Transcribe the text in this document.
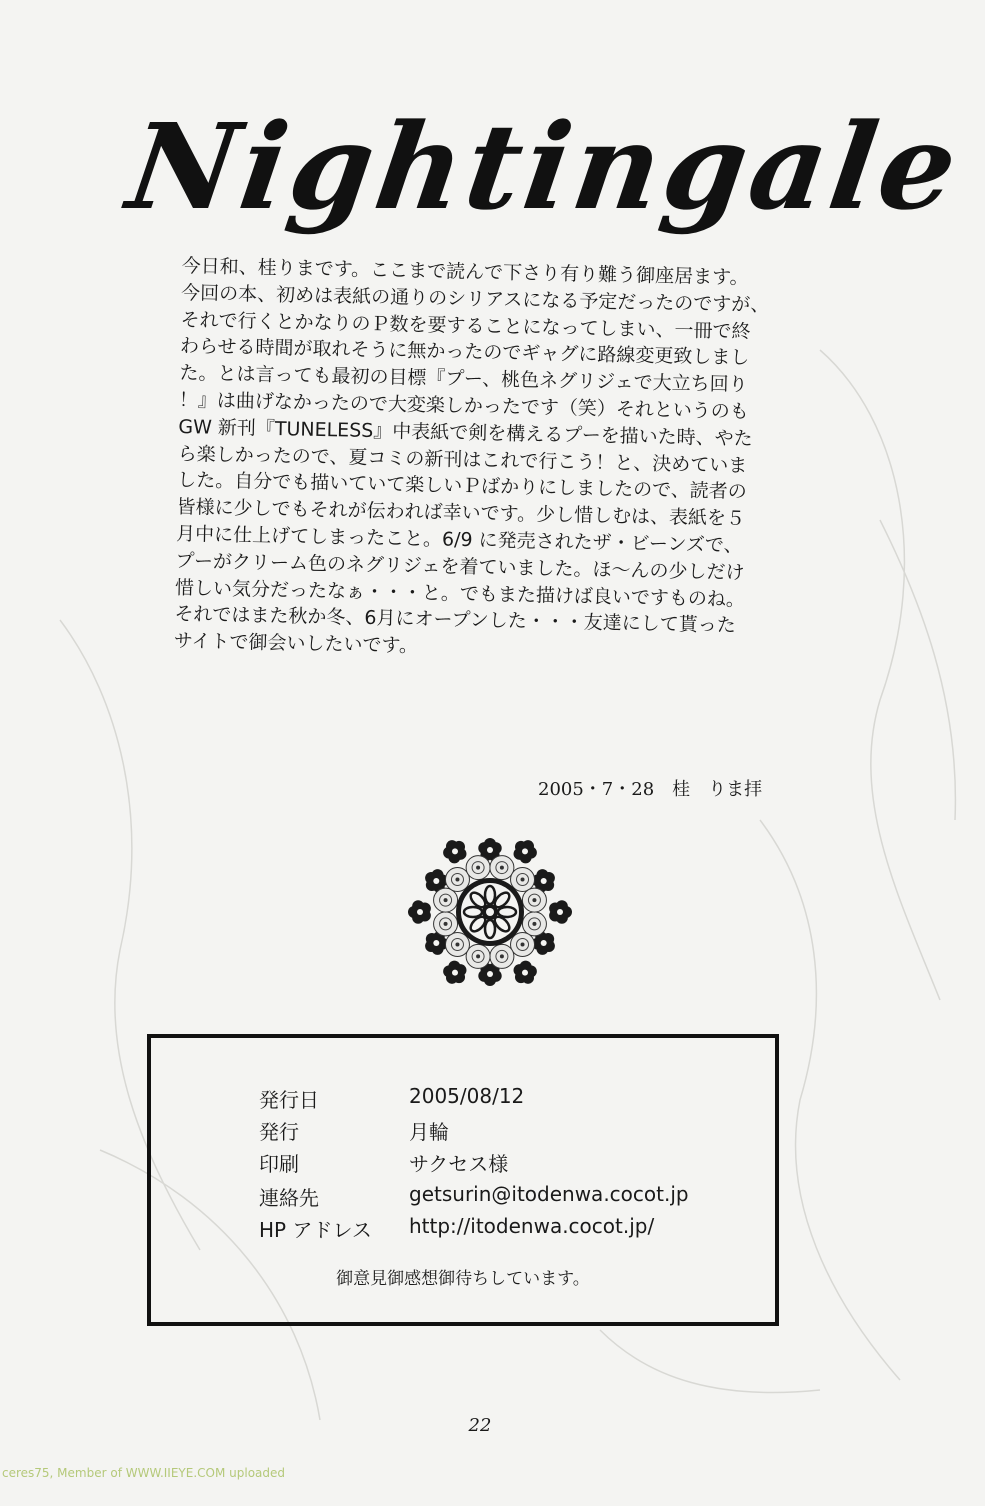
Nightingale

今日和、桂りまです。ここまで読んで下さり有り難う御座居ます。

今回の本、初めは表紙の通りのシリアスになる予定だったのですが、

それで行くとかなりのＰ数を要することになってしまい、一冊で終

わらせる時間が取れそうに無かったのでギャグに路線変更致しまし

た。とは言っても最初の目標『プー、桃色ネグリジェで大立ち回り

！』は曲げなかったので大変楽しかったです（笑）それというのも

GW 新刊『TUNELESS』中表紙で剣を構えるプーを描いた時、やた

ら楽しかったので、夏コミの新刊はこれで行こう！と、決めていま

した。自分でも描いていて楽しいＰばかりにしましたので、読者の

皆様に少しでもそれが伝われば幸いです。少し惜しむは、表紙を５

月中に仕上げてしまったこと。6/9 に発売されたザ・ビーンズで、

プーがクリーム色のネグリジェを着ていました。ほ〜んの少しだけ

惜しい気分だったなぁ・・・と。でもまた描けば良いですものね。

それではまた秋か冬、6月にオープンした・・・友達にして貰った

サイトで御会いしたいです。

2005・7・28　桂　りま拝
発行日	2005/08/12
発行	月輪
印刷	サクセス様
連絡先	getsurin@itodenwa.cocot.jp
HP アドレス http://itodenwa.cocot.jp/
御意見御感想御待ちしています。
22
ceres75, Member of WWW.IIEYE.COM uploaded
